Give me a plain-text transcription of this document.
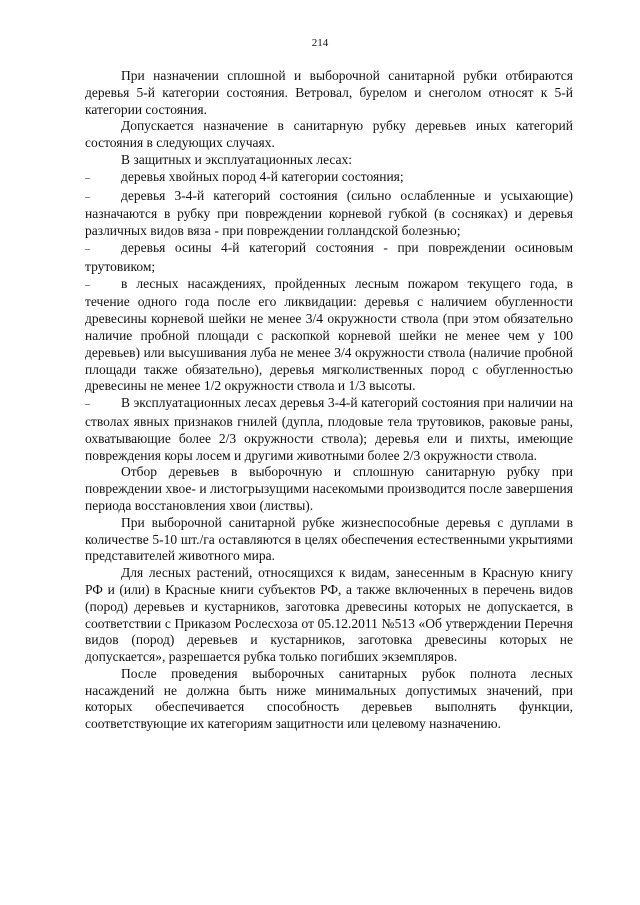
214

При назначении сплошной и выборочной санитарной рубки отбираются деревья 5-й категории состояния. Ветровал, бурелом и снеголом относят к 5-й категории состояния.

Допускается назначение в санитарную рубку деревьев иных категорий состояния в следующих случаях.

В защитных и эксплуатационных лесах:

– деревья хвойных пород 4-й категории состояния;

– деревья 3-4-й категорий состояния (сильно ослабленные и усыхающие) назначаются в рубку при повреждении корневой губкой (в сосняках) и деревья различных видов вяза - при повреждении голландской болезнью;

– деревья осины 4-й категорий состояния - при повреждении осиновым трутовиком;

– в лесных насаждениях, пройденных лесным пожаром текущего года, в течение одного года после его ликвидации: деревья с наличием обугленности древесины корневой шейки не менее 3/4 окружности ствола (при этом обязательно наличие пробной площади с раскопкой корневой шейки не менее чем у 100 деревьев) или высушивания луба не менее 3/4 окружности ствола (наличие пробной площади также обязательно), деревья мягколиственных пород с обугленностью древесины не менее 1/2 окружности ствола и 1/3 высоты.

– В эксплуатационных лесах деревья 3-4-й категорий состояния при наличии на стволах явных признаков гнилей (дупла, плодовые тела трутовиков, раковые раны, охватывающие более 2/3 окружности ствола); деревья ели и пихты, имеющие повреждения коры лосем и другими животными более 2/3 окружности ствола.

Отбор деревьев в выборочную и сплошную санитарную рубку при повреждении хвое- и листогрызущими насекомыми производится после завершения периода восстановления хвои (листвы).

При выборочной санитарной рубке жизнеспособные деревья с дуплами в количестве 5-10 шт./га оставляются в целях обеспечения естественными укрытиями представителей животного мира.

Для лесных растений, относящихся к видам, занесенным в Красную книгу РФ и (или) в Красные книги субъектов РФ, а также включенных в перечень видов (пород) деревьев и кустарников, заготовка древесины которых не допускается, в соответствии с Приказом Рослесхоза от 05.12.2011 №513 «Об утверждении Перечня видов (пород) деревьев и кустарников, заготовка древесины которых не допускается», разрешается рубка только погибших экземпляров.

После проведения выборочных санитарных рубок полнота лесных насаждений не должна быть ниже минимальных допустимых значений, при которых обеспечивается способность деревьев выполнять функции, соответствующие их категориям защитности или целевому назначению.
